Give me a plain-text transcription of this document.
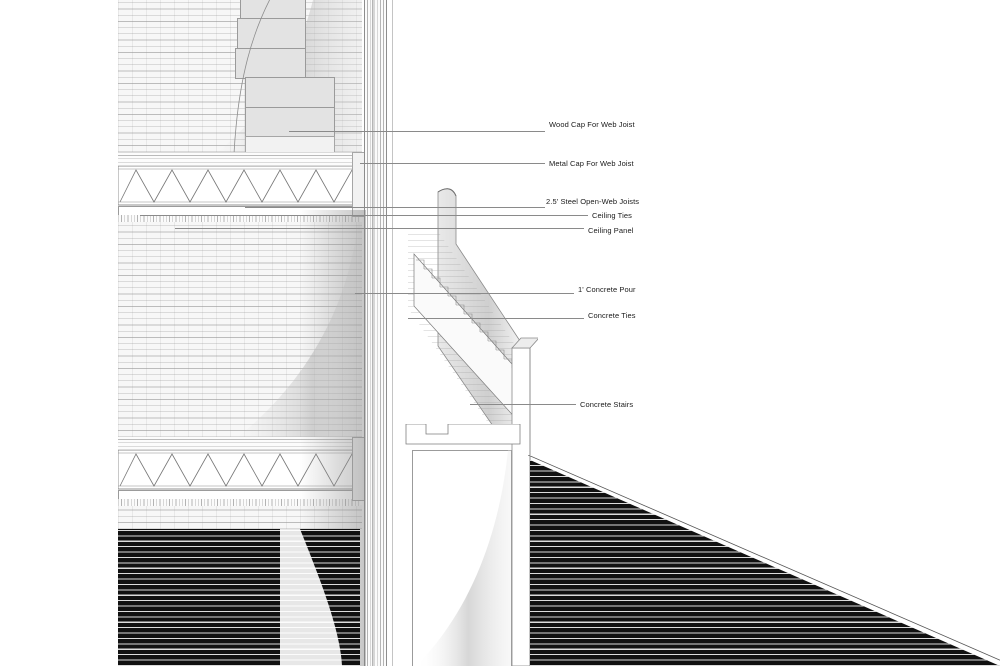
Wood Cap For Web Joist
Metal Cap For Web Joist
2.5' Steel Open-Web Joists
Ceiling Ties
Ceiling Panel
1' Concrete Pour
Concrete Ties
Concrete Stairs
